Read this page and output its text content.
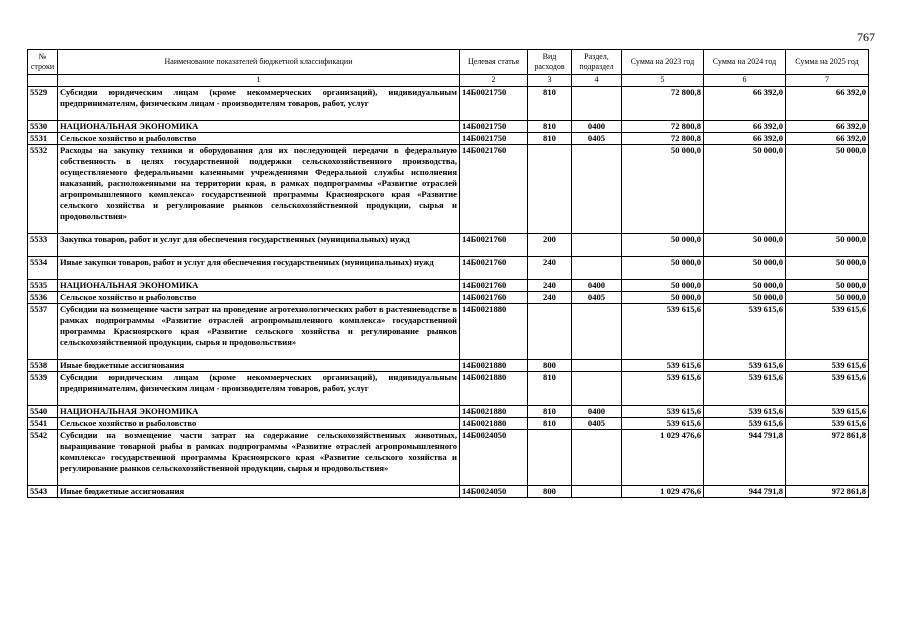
767
№ строки	Наименование показателей бюджетной классификации	Целевая статья	Вид расходов	Раздел, подраздел	Сумма на 2023 год	Сумма на 2024 год	Сумма на 2025 год
	1	2	3	4	5	6	7
5529	Субсидии юридическим лицам (кроме некоммерческих организаций), индивидуальным предпринимателям, физическим лицам - производителям товаров, работ, услуг	14Б0021750	810		72 800,8	66 392,0	66 392,0
5530	НАЦИОНАЛЬНАЯ ЭКОНОМИКА	14Б0021750	810	0400	72 800,8	66 392,0	66 392,0
5531	Сельское хозяйство и рыболовство	14Б0021750	810	0405	72 800,8	66 392,0	66 392,0
5532	Расходы на закупку техники и оборудования для их последующей передачи в федеральную собственность в целях государственной поддержки сельскохозяйственного производства, осуществляемого федеральными казенными учреждениями Федеральной службы исполнения наказаний, расположенными на территории края, в рамках подпрограммы «Развитие отраслей агропромышленного комплекса» государственной программы Красноярского края «Развитие сельского хозяйства и регулирование рынков сельскохозяйственной продукции, сырья и продовольствия»	14Б0021760			50 000,0	50 000,0	50 000,0
5533	Закупка товаров, работ и услуг для обеспечения государственных (муниципальных) нужд	14Б0021760	200		50 000,0	50 000,0	50 000,0
5534	Иные закупки товаров, работ и услуг для обеспечения государственных (муниципальных) нужд	14Б0021760	240		50 000,0	50 000,0	50 000,0
5535	НАЦИОНАЛЬНАЯ ЭКОНОМИКА	14Б0021760	240	0400	50 000,0	50 000,0	50 000,0
5536	Сельское хозяйство и рыболовство	14Б0021760	240	0405	50 000,0	50 000,0	50 000,0
5537	Субсидии на возмещение части затрат на проведение агротехнологических работ в растениеводстве в рамках подпрограммы «Развитие отраслей агропромышленного комплекса» государственной программы Красноярского края «Развитие сельского хозяйства и регулирование рынков сельскохозяйственной продукции, сырья и продовольствия»	14Б0021880			539 615,6	539 615,6	539 615,6
5538	Иные бюджетные ассигнования	14Б0021880	800		539 615,6	539 615,6	539 615,6
5539	Субсидии юридическим лицам (кроме некоммерческих организаций), индивидуальным предпринимателям, физическим лицам - производителям товаров, работ, услуг	14Б0021880	810		539 615,6	539 615,6	539 615,6
5540	НАЦИОНАЛЬНАЯ ЭКОНОМИКА	14Б0021880	810	0400	539 615,6	539 615,6	539 615,6
5541	Сельское хозяйство и рыболовство	14Б0021880	810	0405	539 615,6	539 615,6	539 615,6
5542	Субсидии на возмещение части затрат на содержание сельскохозяйственных животных, выращивание товарной рыбы в рамках подпрограммы «Развитие отраслей агропромышленного комплекса» государственной программы Красноярского края «Развитие сельского хозяйства и регулирование рынков сельскохозяйственной продукции, сырья и продовольствия»	14Б0024050			1 029 476,6	944 791,8	972 861,8
5543	Иные бюджетные ассигнования	14Б0024050	800		1 029 476,6	944 791,8	972 861,8
